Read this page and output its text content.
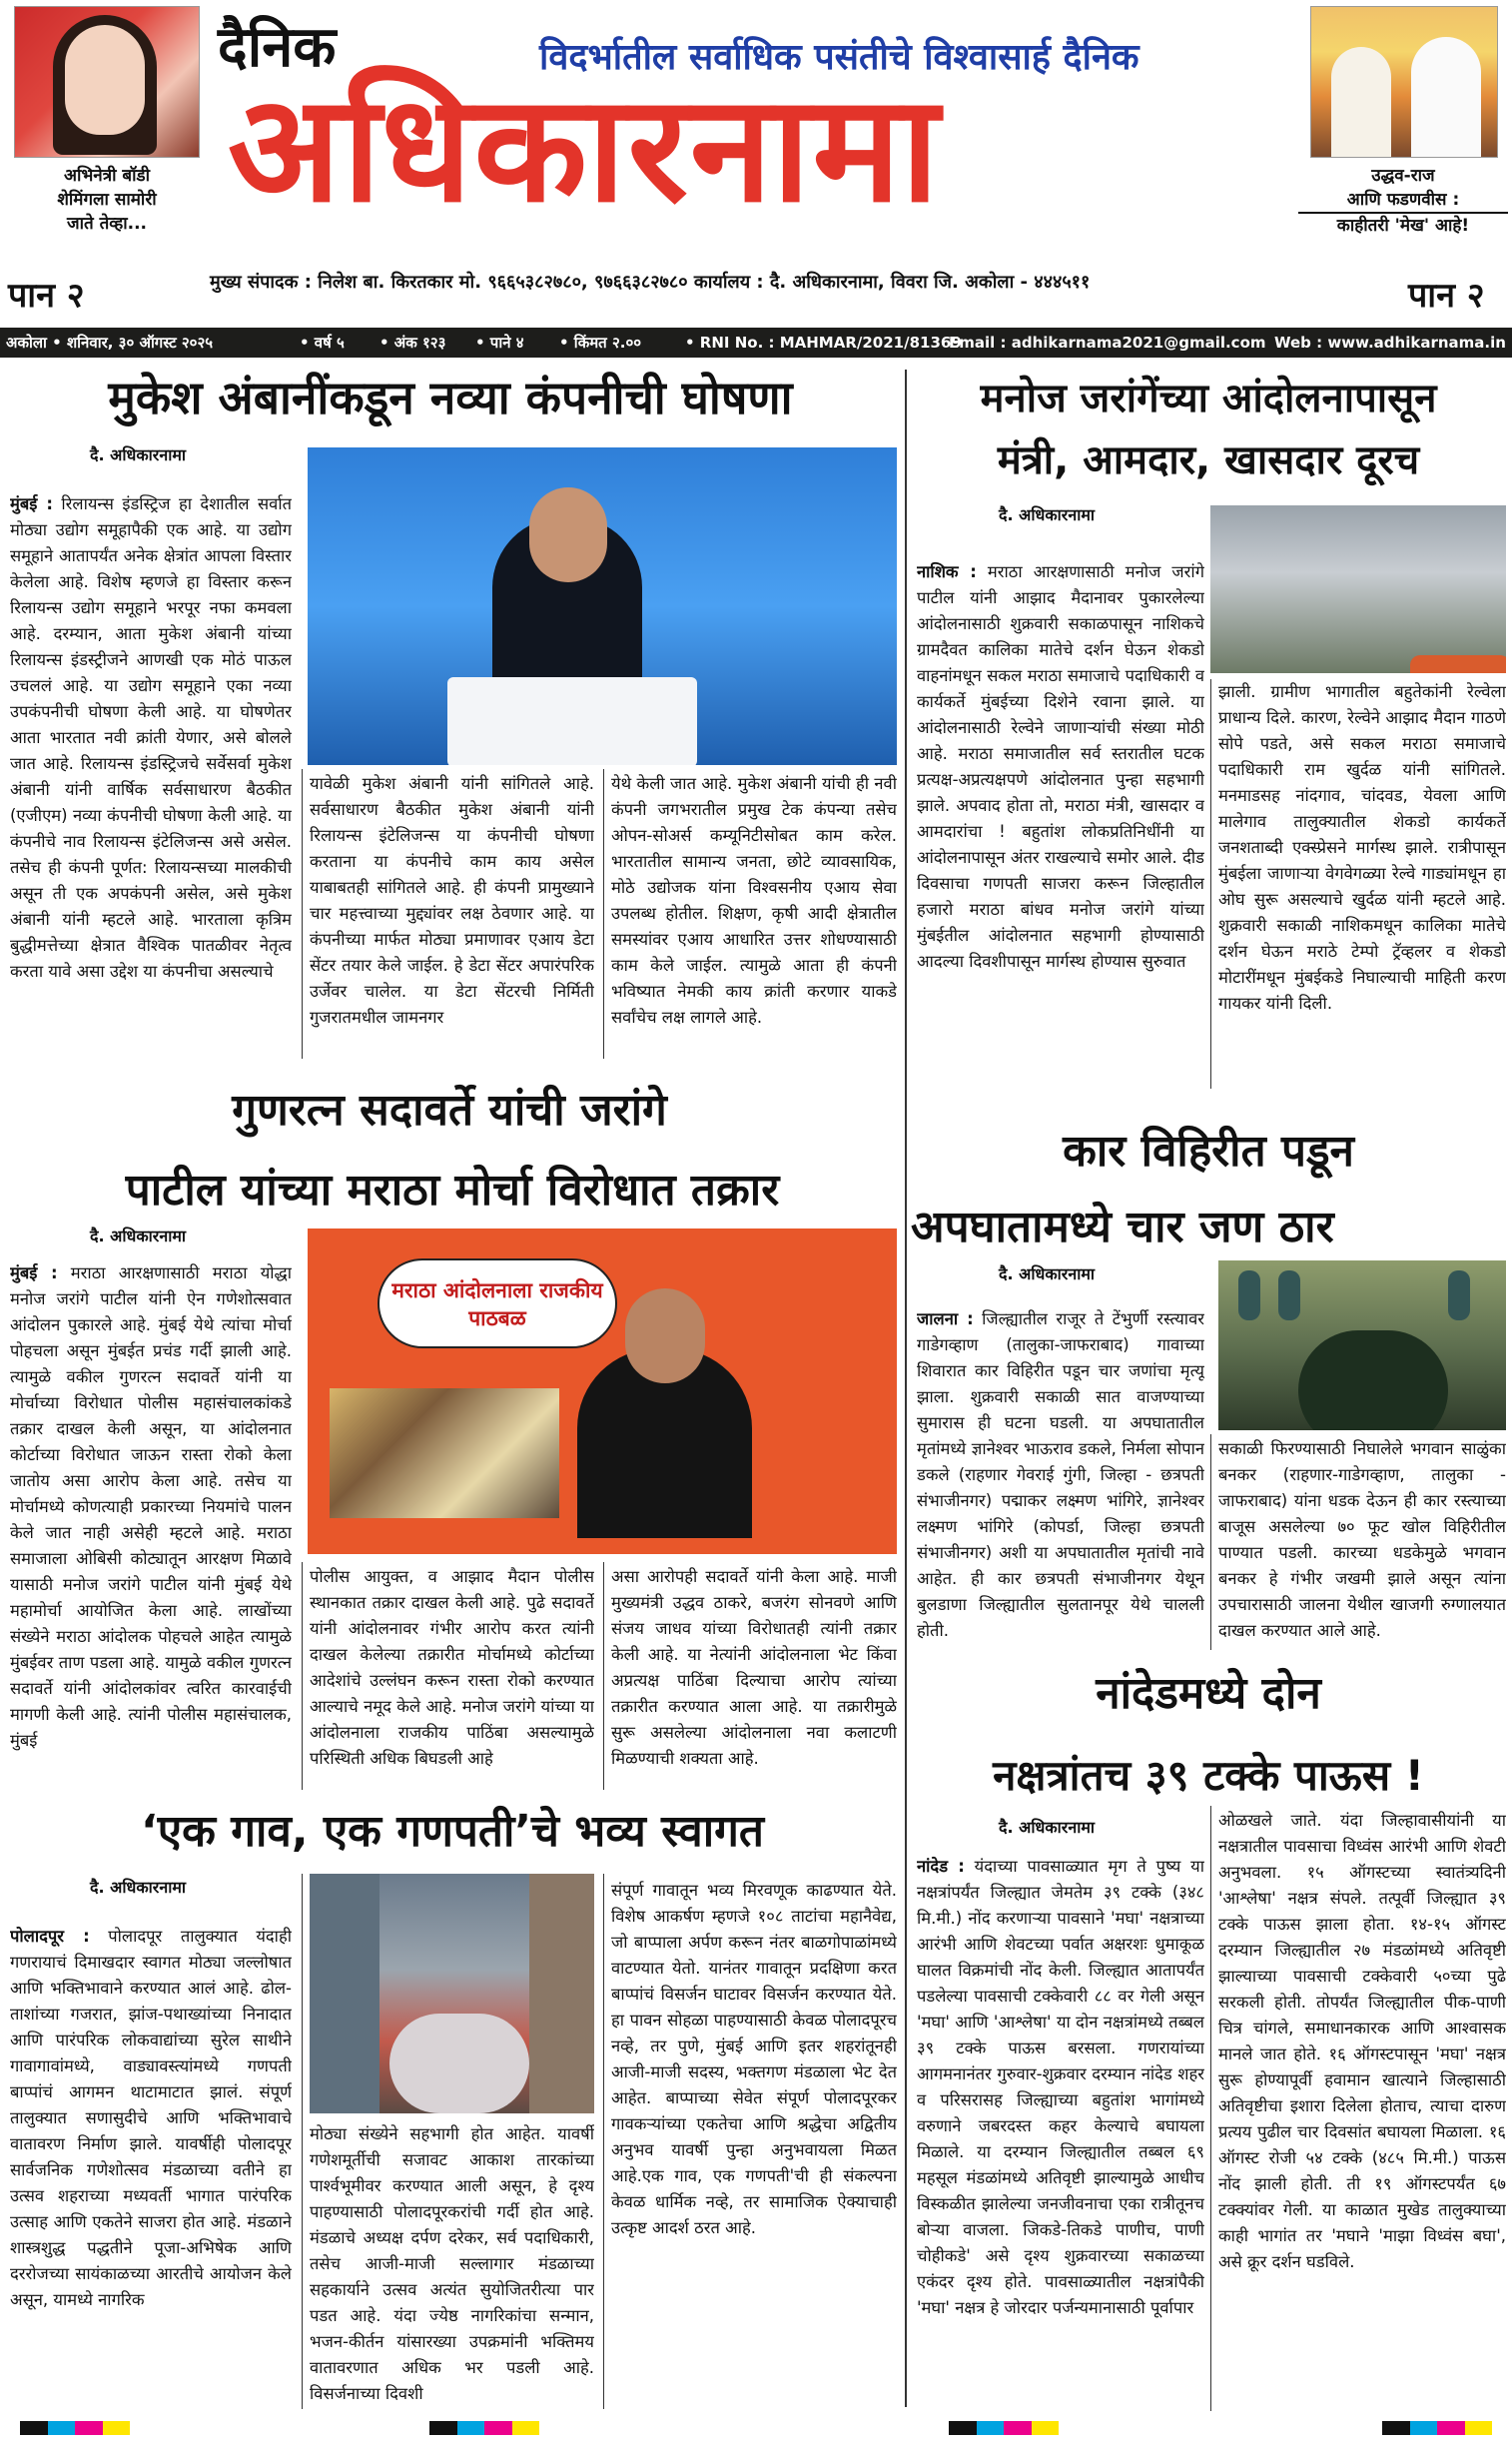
अभिनेत्री बॉडी
शेमिंगला सामोरी
जाते तेव्हा...
दैनिक	विदर्भातील सर्वाधिक पसंतीचे विश्वासार्ह दैनिक
अधिकारनामा	उद्धव-राज
आणि फडणवीस :
काहीतरी 'मेख' आहे!
पान २	मुख्य संपादक : निलेश बा. किरतकार मो. ९६६५३८२७८०, ९७६६३८२७८० कार्यालय : दै. अधिकारनामा, विवरा जि. अकोला - ४४४५११	पान २
अकोला • शनिवार, ३० ऑगस्ट २०२५	• वर्ष ५ • अंक १२३ • पाने ४ • किंमत २.००	• RNI No. : MAHMAR/2021/81369
Email : adhikarnama2021@gmail.com Web : www.adhikarnama.in
मुकेश अंबानींकडून नव्या कंपनीची घोषणा
दै. अधिकारनामा
मुंबई : रिलायन्स इंडस्ट्रिज हा देशातील सर्वात मोठ्या उद्योग समूहापैकी एक आहे. या उद्योग समूहाने आतापर्यंत अनेक क्षेत्रांत आपला विस्तार केलेला आहे. विशेष म्हणजे हा विस्तार करून रिलायन्स उद्योग समूहाने भरपूर नफा कमवला आहे. दरम्यान, आता मुकेश अंबानी यांच्या रिलायन्स इंडस्ट्रीजने आणखी एक मोठं पाऊल उचललं आहे. या उद्योग समूहाने एका नव्या उपकंपनीची घोषणा केली आहे. या घोषणेतर आता भारतात नवी क्रांती येणार, असे बोलले जात आहे. रिलायन्स इंडस्ट्रिजचे सर्वेसर्वा मुकेश अंबानी यांनी वार्षिक सर्वसाधारण बैठकीत (एजीएम) नव्या कंपनीची घोषणा केली आहे. या कंपनीचे नाव रिलायन्स इंटेलिजन्स असे असेल. तसेच ही कंपनी पूर्णत: रिलायन्सच्या मालकीची असून ती एक अपकंपनी असेल, असे मुकेश अंबानी यांनी म्हटले आहे. भारताला कृत्रिम बुद्धीमत्तेच्या क्षेत्रात वैश्विक पातळीवर नेतृत्व करता यावे असा उद्देश या कंपनीचा असल्याचे
यावेळी मुकेश अंबानी यांनी सांगितले आहे. सर्वसाधारण बैठकीत मुकेश अंबानी यांनी रिलायन्स इंटेलिजन्स या कंपनीची घोषणा करताना या कंपनीचे काम काय असेल याबाबतही सांगितले आहे. ही कंपनी प्रामुख्याने चार महत्त्वाच्या मुद्द्यांवर लक्ष ठेवणार आहे. या कंपनीच्या मार्फत मोठ्या प्रमाणावर एआय डेटा सेंटर तयार केले जाईल. हे डेटा सेंटर अपारंपरिक उर्जेवर चालेल. या डेटा सेंटरची निर्मिती गुजरातमधील जामनगर
येथे केली जात आहे. मुकेश अंबानी यांची ही नवी कंपनी जगभरातील प्रमुख टेक कंपन्या तसेच ओपन-सोअर्स कम्यूनिटीसोबत काम करेल. भारतातील सामान्य जनता, छोटे व्यावसायिक, मोठे उद्योजक यांना विश्वसनीय एआय सेवा उपलब्ध होतील. शिक्षण, कृषी आदी क्षेत्रातील समस्यांवर एआय आधारित उत्तर शोधण्यासाठी काम केले जाईल. त्यामुळे आता ही कंपनी भविष्यात नेमकी काय क्रांती करणार याकडे सर्वांचेच लक्ष लागले आहे.
मनोज जरांगेंच्या आंदोलनापासून
मंत्री, आमदार, खासदार दूरच
दै. अधिकारनामा
नाशिक : मराठा आरक्षणासाठी मनोज जरांगे पाटील यांनी आझाद मैदानावर पुकारलेल्या आंदोलनासाठी शुक्रवारी सकाळपासून नाशिकचे ग्रामदैवत कालिका मातेचे दर्शन घेऊन शेकडो वाहनांमधून सकल मराठा समाजाचे पदाधिकारी व कार्यकर्ते मुंबईच्या दिशेने रवाना झाले. या आंदोलनासाठी रेल्वेने जाणाऱ्यांची संख्या मोठी आहे. मराठा समाजातील सर्व स्तरातील घटक प्रत्यक्ष-अप्रत्यक्षपणे आंदोलनात पुन्हा सहभागी झाले. अपवाद होता तो, मराठा मंत्री, खासदार व आमदारांचा ! बहुतांश लोकप्रतिनिधींनी या आंदोलनापासून अंतर राखल्याचे समोर आले. दीड दिवसाचा गणपती साजरा करून जिल्हातील हजारो मराठा बांधव मनोज जरांगे यांच्या मुंबईतील आंदोलनात सहभागी होण्यासाठी आदल्या दिवशीपासून मार्गस्थ होण्यास सुरुवात
झाली. ग्रामीण भागातील बहुतेकांनी रेल्वेला प्राधान्य दिले. कारण, रेल्वेने आझाद मैदान गाठणे सोपे पडते, असे सकल मराठा समाजाचे पदाधिकारी राम खुर्दळ यांनी सांगितले. मनमाडसह नांदगाव, चांदवड, येवला आणि मालेगाव तालुक्यातील शेकडो कार्यकर्ते जनशताब्दी एक्स्प्रेसने मार्गस्थ झाले. रात्रीपासून मुंबईला जाणाऱ्या वेगवेगळ्या रेल्वे गाड्यांमधून हा ओघ सुरू असल्याचे खुर्दळ यांनी म्हटले आहे. शुक्रवारी सकाळी नाशिकमधून कालिका मातेचे दर्शन घेऊन मराठे टेम्पो ट्रॅव्हलर व शेकडो मोटारींमधून मुंबईकडे निघाल्याची माहिती करण गायकर यांनी दिली.
गुणरत्न सदावर्ते यांची जरांगे
पाटील यांच्या मराठा मोर्चा विरोधात तक्रार
दै. अधिकारनामा
मराठा आंदोलनाला राजकीय पाठबळ
मुंबई : मराठा आरक्षणासाठी मराठा योद्धा मनोज जरांगे पाटील यांनी ऐन गणेशोत्सवात आंदोलन पुकारले आहे. मुंबई येथे त्यांचा मोर्चा पोहचला असून मुंबईत प्रचंड गर्दी झाली आहे. त्यामुळे वकील गुणरत्न सदावर्ते यांनी या मोर्चाच्या विरोधात पोलीस महासंचालकांकडे तक्रार दाखल केली असून, या आंदोलनात कोर्टाच्या विरोधात जाऊन रास्ता रोको केला जातोय असा आरोप केला आहे. तसेच या मोर्चामध्ये कोणत्याही प्रकारच्या नियमांचे पालन केले जात नाही असेही म्हटले आहे. मराठा समाजाला ओबिसी कोट्यातून आरक्षण मिळावे यासाठी मनोज जरांगे पाटील यांनी मुंबई येथे महामोर्चा आयोजित केला आहे. लाखोंच्या संख्येने मराठा आंदोलक पोहचले आहेत त्यामुळे मुंबईवर ताण पडला आहे. यामुळे वकील गुणरत्न सदावर्ते यांनी आंदोलकांवर त्वरित कारवाईची मागणी केली आहे. त्यांनी पोलीस महासंचालक, मुंबई
पोलीस आयुक्त, व आझाद मैदान पोलीस स्थानकात तक्रार दाखल केली आहे. पुढे सदावर्ते यांनी आंदोलनावर गंभीर आरोप करत त्यांनी दाखल केलेल्या तक्रारीत मोर्चामध्ये कोर्टाच्या आदेशांचे उल्लंघन करून रास्ता रोको करण्यात आल्याचे नमूद केले आहे. मनोज जरांगे यांच्या या आंदोलनाला राजकीय पाठिंबा असल्यामुळे परिस्थिती अधिक बिघडली आहे
असा आरोपही सदावर्ते यांनी केला आहे. माजी मुख्यमंत्री उद्धव ठाकरे, बजरंग सोनवणे आणि संजय जाधव यांच्या विरोधातही त्यांनी तक्रार केली आहे. या नेत्यांनी आंदोलनाला भेट किंवा अप्रत्यक्ष पाठिंबा दिल्याचा आरोप त्यांच्या तक्रारीत करण्यात आला आहे. या तक्रारीमुळे सुरू असलेल्या आंदोलनाला नवा कलाटणी मिळण्याची शक्यता आहे.
कार विहिरीत पडून
अपघातामध्ये चार जण ठार
दै. अधिकारनामा
जालना : जिल्ह्यातील राजूर ते टेंभुर्णी रस्त्यावर गाडेगव्हाण (तालुका-जाफराबाद) गावाच्या शिवारात कार विहिरीत पडून चार जणांचा मृत्यू झाला. शुक्रवारी सकाळी सात वाजण्याच्या सुमारास ही घटना घडली. या अपघातातील मृतांमध्ये ज्ञानेश्वर भाऊराव डकले, निर्मला सोपान डकले (राहणार गेवराई गुंगी, जिल्हा - छत्रपती संभाजीनगर) पद्माकर लक्ष्मण भांगिरे, ज्ञानेश्वर लक्ष्मण भांगिरे (कोपर्डा, जिल्हा छत्रपती संभाजीनगर) अशी या अपघातातील मृतांची नावे आहेत. ही कार छत्रपती संभाजीनगर येथून बुलडाणा जिल्ह्यातील सुलतानपूर येथे चालली होती.
सकाळी फिरण्यासाठी निघालेले भगवान साळुंका बनकर (राहणार-गाडेगव्हाण, तालुका - जाफराबाद) यांना धडक देऊन ही कार रस्त्याच्या बाजूस असलेल्या ७० फूट खोल विहिरीतील पाण्यात पडली. कारच्या धडकेमुळे भगवान बनकर हे गंभीर जखमी झाले असून त्यांना उपचारासाठी जालना येथील खाजगी रुग्णालयात दाखल करण्यात आले आहे.
‘एक गाव, एक गणपती’चे भव्य स्वागत
दै. अधिकारनामा
पोलादपूर : पोलादपूर तालुक्यात यंदाही गणरायाचं दिमाखदार स्वागत मोठ्या जल्लोषात आणि भक्तिभावाने करण्यात आलं आहे. ढोल-ताशांच्या गजरात, झांज-पथाख्यांच्या निनादात आणि पारंपरिक लोकवाद्यांच्या सुरेल साथीने गावागावांमध्ये, वाड्यावस्त्यांमध्ये गणपती बाप्पांचं आगमन थाटामाटात झालं. संपूर्ण तालुक्यात सणासुदीचे आणि भक्तिभावाचे वातावरण निर्माण झाले. यावर्षीही पोलादपूर सार्वजनिक गणेशोत्सव मंडळाच्या वतीने हा उत्सव शहराच्या मध्यवर्ती भागात पारंपरिक उत्साह आणि एकतेने साजरा होत आहे. मंडळाने शास्त्रशुद्ध पद्धतीने पूजा-अभिषेक आणि दररोजच्या सायंकाळच्या आरतीचे आयोजन केले असून, यामध्ये नागरिक
मोठ्या संख्येने सहभागी होत आहेत. यावर्षी गणेशमूर्तीची सजावट आकाश तारकांच्या पार्श्वभूमीवर करण्यात आली असून, हे दृश्य पाहण्यासाठी पोलादपूरकरांची गर्दी होत आहे. मंडळाचे अध्यक्ष दर्पण दरेकर, सर्व पदाधिकारी, तसेच आजी-माजी सल्लागार मंडळाच्या सहकार्याने उत्सव अत्यंत सुयोजितरीत्या पार पडत आहे. यंदा ज्येष्ठ नागरिकांचा सन्मान, भजन-कीर्तन यांसारख्या उपक्रमांनी भक्तिमय वातावरणात अधिक भर पडली आहे. विसर्जनाच्या दिवशी
संपूर्ण गावातून भव्य मिरवणूक काढण्यात येते. विशेष आकर्षण म्हणजे १०८ ताटांचा महानैवेद्य, जो बाप्पाला अर्पण करून नंतर बाळगोपाळांमध्ये वाटण्यात येतो. यानंतर गावातून प्रदक्षिणा करत बाप्पांचं विसर्जन घाटावर विसर्जन करण्यात येते. हा पावन सोहळा पाहण्यासाठी केवळ पोलादपूरच नव्हे, तर पुणे, मुंबई आणि इतर शहरांतूनही आजी-माजी सदस्य, भक्तगण मंडळाला भेट देत आहेत. बाप्पाच्या सेवेत संपूर्ण पोलादपूरकर गावकऱ्यांच्या एकतेचा आणि श्रद्धेचा अद्वितीय अनुभव यावर्षी पुन्हा अनुभवायला मिळत आहे.एक गाव, एक गणपती'ची ही संकल्पना केवळ धार्मिक नव्हे, तर सामाजिक ऐक्याचाही उत्कृष्ट आदर्श ठरत आहे.
नांदेडमध्ये दोन
नक्षत्रांतच ३९ टक्के पाऊस !
दै. अधिकारनामा
नांदेड : यंदाच्या पावसाळ्यात मृग ते पुष्य या नक्षत्रांपर्यंत जिल्ह्यात जेमतेम ३९ टक्के (३४८ मि.मी.) नोंद करणाऱ्या पावसाने 'मघा' नक्षत्राच्या आरंभी आणि शेवटच्या पर्वात अक्षरशः धुमाकूळ घालत विक्रमांची नोंद केली. जिल्ह्यात आतापर्यंत पडलेल्या पावसाची टक्केवारी ८८ वर गेली असून 'मघा' आणि 'आश्लेषा' या दोन नक्षत्रांमध्ये तब्बल ३९ टक्के पाऊस बरसला. गणरायांच्या आगमनानंतर गुरुवार-शुक्रवार दरम्यान नांदेड शहर व परिसरासह जिल्ह्याच्या बहुतांश भागांमध्ये वरुणाने जबरदस्त कहर केल्याचे बघायला मिळाले. या दरम्यान जिल्ह्यातील तब्बल ६९ महसूल मंडळांमध्ये अतिवृष्टी झाल्यामुळे आधीच विस्कळीत झालेल्या जनजीवनाचा एका रात्रीतूनच बोऱ्या वाजला. जिकडे-तिकडे पाणीच, पाणी चोहीकडे' असे दृश्य शुक्रवारच्या सकाळच्या एकंदर दृश्य होते. पावसाळ्यातील नक्षत्रांपैकी 'मघा' नक्षत्र हे जोरदार पर्जन्यमानासाठी पूर्वापार
ओळखले जाते. यंदा जिल्हावासीयांनी या नक्षत्रातील पावसाचा विध्वंस आरंभी आणि शेवटी अनुभवला. १५ ऑगस्टच्या स्वातंत्र्यदिनी 'आश्लेषा' नक्षत्र संपले. तत्पूर्वी जिल्ह्यात ३९ टक्के पाऊस झाला होता. १४-१५ ऑगस्ट दरम्यान जिल्ह्यातील २७ मंडळांमध्ये अतिवृष्टी झाल्याच्या पावसाची टक्केवारी ५०च्या पुढे सरकली होती. तोपर्यंत जिल्ह्यातील पीक-पाणी चित्र चांगले, समाधानकारक आणि आश्वासक मानले जात होते. १६ ऑगस्टपासून 'मघा' नक्षत्र सुरू होण्यापूर्वी हवामान खात्याने जिल्हासाठी अतिवृष्टीचा इशारा दिलेला होताच, त्याचा दारुण प्रत्यय पुढील चार दिवसांत बघायला मिळाला. १६ ऑगस्ट रोजी ५४ टक्के (४८५ मि.मी.) पाऊस नोंद झाली होती. ती १९ ऑगस्टपर्यंत ६७ टक्क्यांवर गेली. या काळात मुखेड तालुक्याच्या काही भागांत तर 'मघाने 'माझा विध्वंस बघा', असे क्रूर दर्शन घडविले.
